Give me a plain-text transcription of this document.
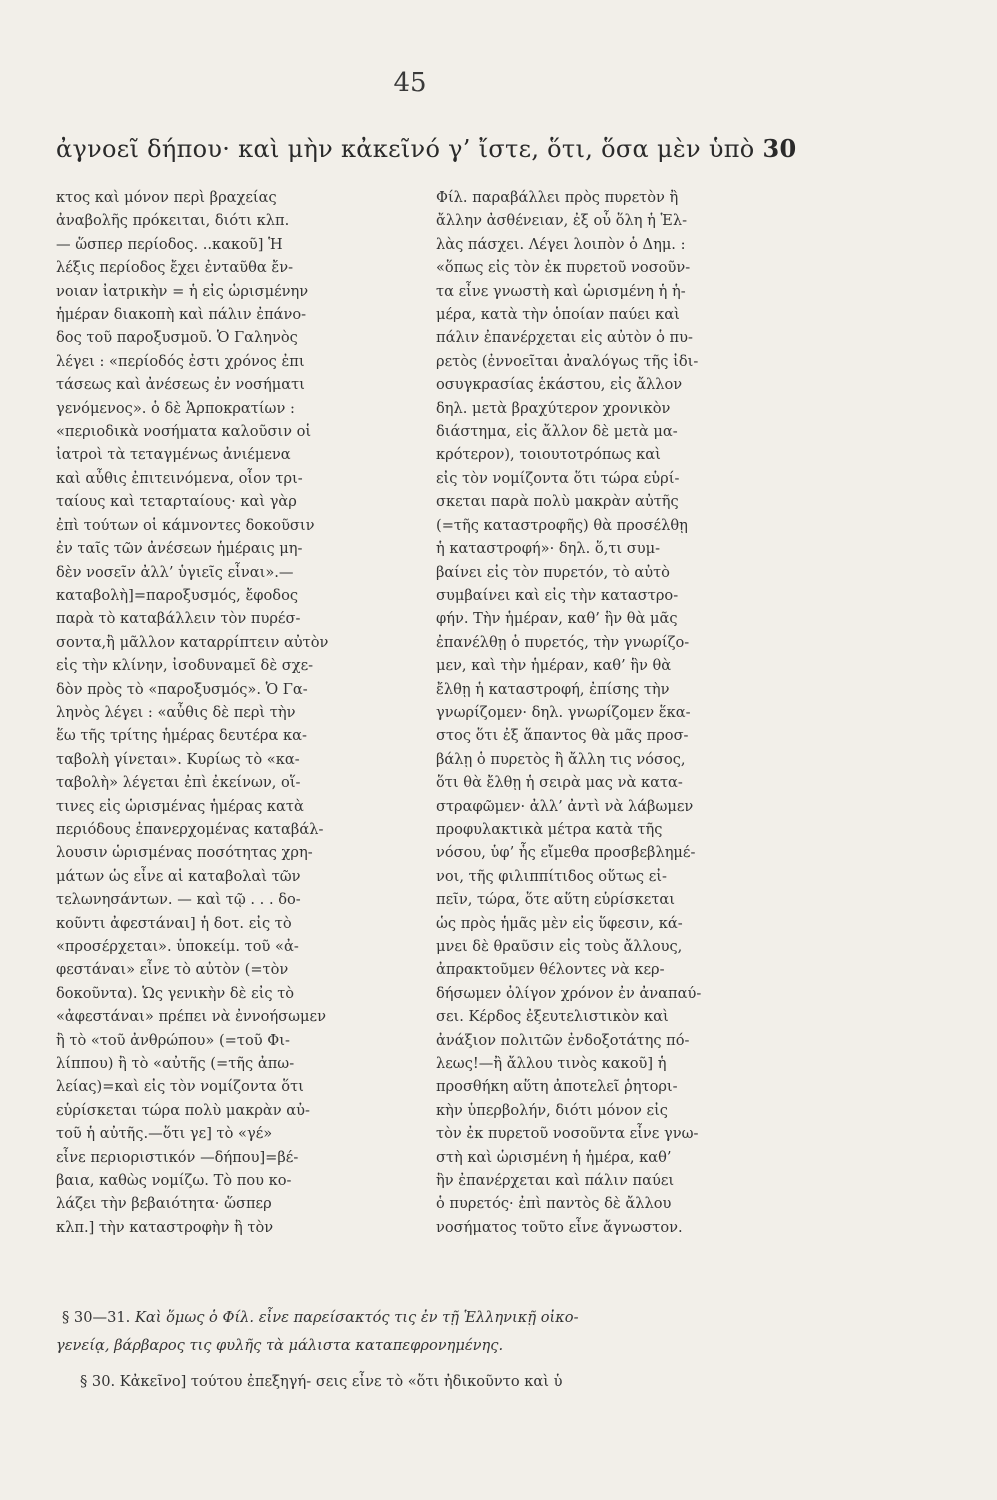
45
ἀγνοεῖ δήπου· καὶ μὴν κἀκεῖνό γ’ ἴστε, ὅτι, ὅσα μὲν ὑπὸ 30
κτος καὶ μόνον περὶ βραχείας
ἀναβολῆς πρόκειται, διότι κλπ.
— ὥσπερ περίοδος. ..κακοῦ] Ἡ
λέξις περίοδος ἔχει ἐνταῦθα ἔν-
νοιαν ἰατρικὴν = ἡ εἰς ὡρισμένην
ἡμέραν διακοπὴ καὶ πάλιν ἐπάνο-
δος τοῦ παροξυσμοῦ. Ὁ Γαληνὸς
λέγει : «περίοδός ἐστι χρόνος ἐπι
τάσεως καὶ ἀνέσεως ἐν νοσήματι
γενόμενος». ὁ δὲ Ἁρποκρατίων :
«περιοδικὰ νοσήματα καλοῦσιν οἱ
ἰατροὶ τὰ τεταγμένως ἀνιέμενα
καὶ αὖθις ἐπιτεινόμενα, οἷον τρι-
ταίους καὶ τεταρταίους· καὶ γὰρ
ἐπὶ τούτων οἱ κάμνοντες δοκοῦσιν
ἐν ταῖς τῶν ἀνέσεων ἡμέραις μη-
δὲν νοσεῖν ἀλλ’ ὑγιεῖς εἶναι».—
καταβολὴ]=παροξυσμός, ἔφοδος
παρὰ τὸ καταβάλλειν τὸν πυρέσ-
σοντα,ἢ μᾶλλον καταρρίπτειν αὐτὸν
εἰς τὴν κλίνην, ἰσοδυναμεῖ δὲ σχε-
δὸν πρὸς τὸ «παροξυσμός». Ὁ Γα-
ληνὸς λέγει : «αὖθις δὲ περὶ τὴν
ἕω τῆς τρίτης ἡμέρας δευτέρα κα-
ταβολὴ γίνεται». Κυρίως τὸ «κα-
ταβολὴ» λέγεται ἐπὶ ἐκείνων, οἵ-
τινες εἰς ὡρισμένας ἡμέρας κατὰ
περιόδους ἐπανερχομένας καταβάλ-
λουσιν ὡρισμένας ποσότητας χρη-
μάτων ὡς εἶνε αἱ καταβολαὶ τῶν
τελωνησάντων. — καὶ τῷ . . . δο-
κοῦντι ἀφεστάναι] ἡ δοτ. εἰς τὸ
«προσέρχεται». ὑποκείμ. τοῦ «ἀ-
φεστάναι» εἶνε τὸ αὐτὸν (=τὸν
δοκοῦντα). Ὡς γενικὴν δὲ εἰς τὸ
«ἀφεστάναι» πρέπει νὰ ἐννοήσωμεν
ἢ τὸ «τοῦ ἀνθρώπου» (=τοῦ Φι-
λίππου) ἢ τὸ «αὐτῆς (=τῆς ἀπω-
λείας)=καὶ εἰς τὸν νομίζοντα ὅτι
εὑρίσκεται τώρα πολὺ μακρὰν αὐ-
τοῦ ἡ αὐτῆς.—ὅτι γε] τὸ «γέ»
εἶνε περιοριστικόν —δήπου]=βέ-
βαια, καθὼς νομίζω. Τὸ που κο-
λάζει τὴν βεβαιότητα· ὥσπερ
κλπ.] τὴν καταστροφὴν ἢ τὸν
Φίλ. παραβάλλει πρὸς πυρετὸν ἢ
ἄλλην ἀσθένειαν, ἐξ οὗ ὅλη ἡ Ἑλ-
λὰς πάσχει. Λέγει λοιπὸν ὁ Δημ. :
«ὅπως εἰς τὸν ἐκ πυρετοῦ νοσοῦν-
τα εἶνε γνωστὴ καὶ ὡρισμένη ἡ ἡ-
μέρα, κατὰ τὴν ὁποίαν παύει καὶ
πάλιν ἐπανέρχεται εἰς αὐτὸν ὁ πυ-
ρετὸς (ἐννοεῖται ἀναλόγως τῆς ἰδι-
οσυγκρασίας ἑκάστου, εἰς ἄλλον
δηλ. μετὰ βραχύτερον χρονικὸν
διάστημα, εἰς ἄλλον δὲ μετὰ μα-
κρότερον), τοιουτοτρόπως καὶ
εἰς τὸν νομίζοντα ὅτι τώρα εὑρί-
σκεται παρὰ πολὺ μακρὰν αὐτῆς
(=τῆς καταστροφῆς) θὰ προσέλθῃ
ἡ καταστροφή»· δηλ. ὅ,τι συμ-
βαίνει εἰς τὸν πυρετόν, τὸ αὐτὸ
συμβαίνει καὶ εἰς τὴν καταστρο-
φήν. Τὴν ἡμέραν, καθ’ ἣν θὰ μᾶς
ἐπανέλθῃ ὁ πυρετός, τὴν γνωρίζο-
μεν, καὶ τὴν ἡμέραν, καθ’ ἣν θὰ
ἔλθῃ ἡ καταστροφή, ἐπίσης τὴν
γνωρίζομεν· δηλ. γνωρίζομεν ἕκα-
στος ὅτι ἐξ ἅπαντος θὰ μᾶς προσ-
βάλῃ ὁ πυρετὸς ἢ ἄλλη τις νόσος,
ὅτι θὰ ἔλθῃ ἡ σειρὰ μας νὰ κατα-
στραφῶμεν· ἀλλ’ ἀντὶ νὰ λάβωμεν
προφυλακτικὰ μέτρα κατὰ τῆς
νόσου, ὑφ’ ἧς εἴμεθα προσβεβλημέ-
νοι, τῆς φιλιππίτιδος οὕτως εἰ-
πεῖν, τώρα, ὅτε αὕτη εὑρίσκεται
ὡς πρὸς ἡμᾶς μὲν εἰς ὕφεσιν, κά-
μνει δὲ θραῦσιν εἰς τοὺς ἄλλους,
ἀπρακτοῦμεν θέλοντες νὰ κερ-
δήσωμεν ὀλίγον χρόνον ἐν ἀναπαύ-
σει. Κέρδος ἐξευτελιστικὸν καὶ
ἀνάξιον πολιτῶν ἐνδοξοτάτης πό-
λεως!—ἢ ἄλλου τινὸς κακοῦ] ἡ
προσθήκη αὕτη ἀποτελεῖ ῥητορι-
κὴν ὑπερβολήν, διότι μόνον εἰς
τὸν ἐκ πυρετοῦ νοσοῦντα εἶνε γνω-
στὴ καὶ ὡρισμένη ἡ ἡμέρα, καθ’
ἣν ἐπανέρχεται καὶ πάλιν παύει
ὁ πυρετός· ἐπὶ παντὸς δὲ ἄλλου
νοσήματος τοῦτο εἶνε ἄγνωστον.
§ 30—31. Καὶ ὅμως ὁ Φίλ. εἶνε παρείσακτός τις ἐν τῇ Ἑλληνικῇ οἰκο-
γενείᾳ, βάρβαρος τις φυλῆς τὰ μάλιστα καταπεφρονημένης.
§ 30. Κἀκεῖνο] τούτου ἐπεξηγή- σεις εἶνε τὸ «ὅτι ἠδικοῦντο καὶ ὑ
